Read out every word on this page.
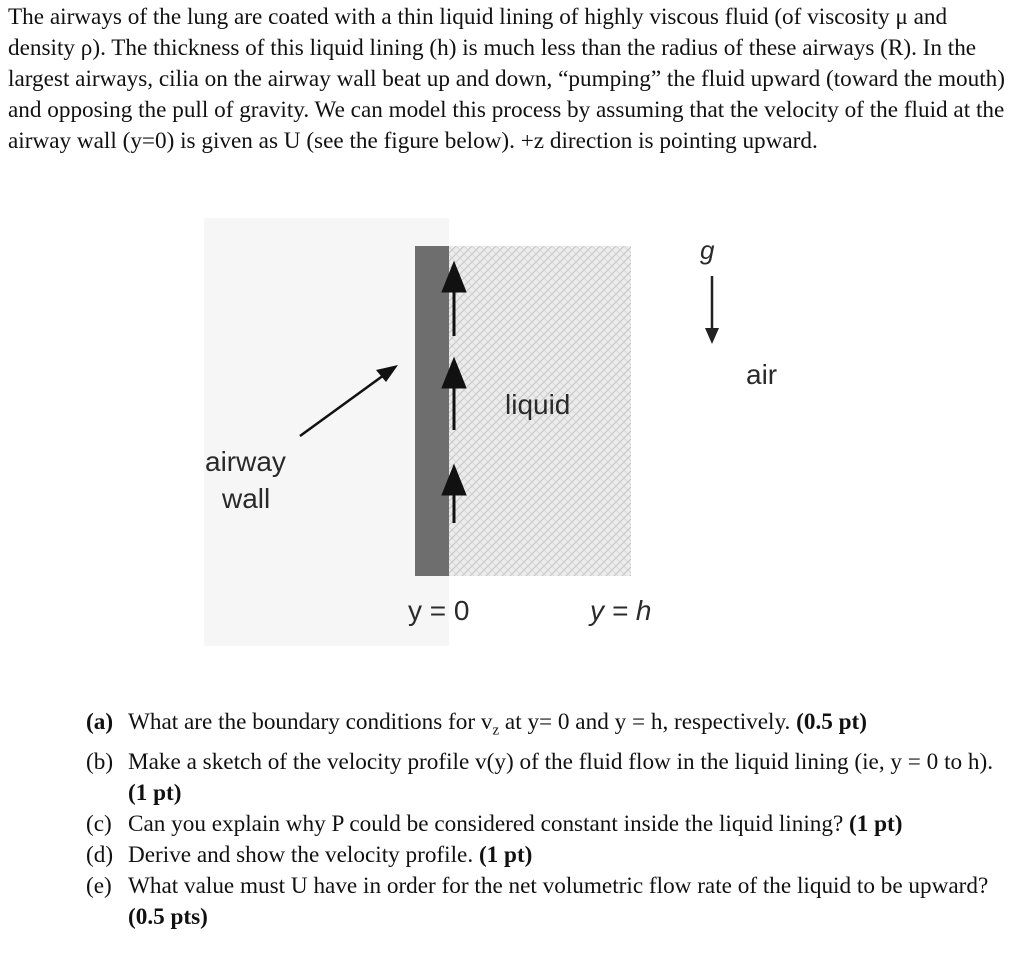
The airways of the lung are coated with a thin liquid lining of highly viscous fluid (of viscosity μ and density ρ). The thickness of this liquid lining (h) is much less than the radius of these airways (R). In the largest airways, cilia on the airway wall beat up and down, “pumping” the fluid upward (toward the mouth) and opposing the pull of gravity. We can model this process by assuming that the velocity of the fluid at the airway wall (y=0) is given as U (see the figure below). +z direction is pointing upward.

g
air
liquid
airway
wall
y = 0	y = h
(a) What are the boundary conditions for $v_z$ at y= 0 and y = h, respectively. (0.5 pt)
(b) Make a sketch of the velocity profile v(y) of the fluid flow in the liquid lining (ie, y = 0 to h). (1 pt)
(c) Can you explain why P could be considered constant inside the liquid lining? (1 pt)
(d) Derive and show the velocity profile. (1 pt)
(e) What value must U have in order for the net volumetric flow rate of the liquid to be upward? (0.5 pts)
